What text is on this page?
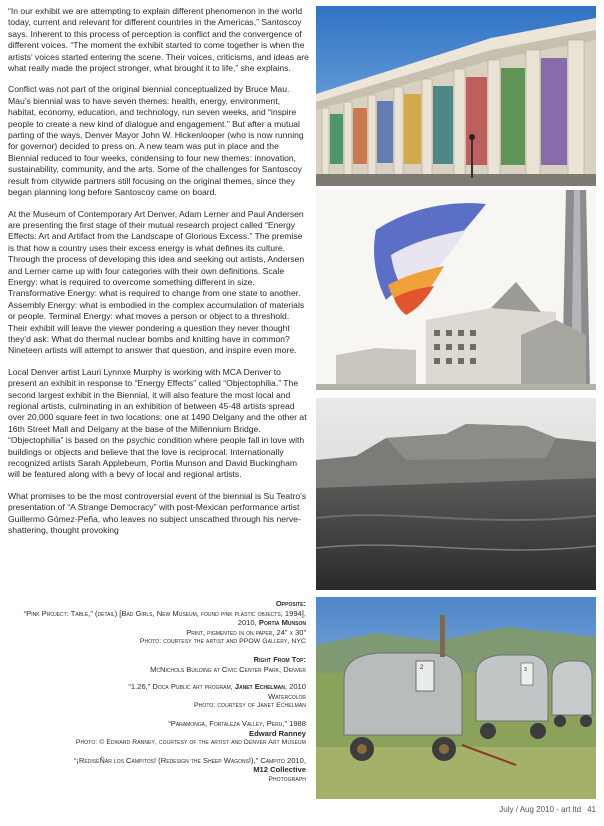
“In our exhibit we are attempting to explain different phenomenon in the world today, current and relevant for different countries in the Americas,” Santoscoy says. Inherent to this process of perception is conflict and the convergence of different voices. “The moment the exhibit started to come together is when the artists’ voices started entering the scene. Their voices, criticisms, and ideas are what really made the project stronger, what brought it to life,” she explains.

Conflict was not part of the original biennial conceptualized by Bruce Mau. Mau’s biennial was to have seven themes: health, energy, environment, habitat, economy, education, and technology, run seven weeks, and “inspire people to create a new kind of dialogue and engagement.” But after a mutual parting of the ways, Denver Mayor John W. Hickenlooper (who is now running for governor) decided to press on. A new team was put in place and the Biennial reduced to four weeks, condensing to four new themes: innovation, sustainability, community, and the arts. Some of the challenges for Santoscoy result from citywide partners still focusing on the original themes, since they began planning long before Santoscoy came on board.

At the Museum of Contemporary Art Denver, Adam Lerner and Paul Andersen are presenting the first stage of their mutual research project called “Energy Effects: Art and Artifact from the Landscape of Glorious Excess.” The premise is that how a country uses their excess energy is what defines its culture. Through the process of developing this idea and seeking out artists, Andersen and Lerner came up with four categories with their own definitions. Scale Energy: what is required to overcome something different in size. Transformative Energy: what is required to change from one state to another. Assembly Energy: what is embodied in the complex accumulation of materials or people. Terminal Energy: what moves a person or object to a threshold. Their exhibit will leave the viewer pondering a question they never thought they’d ask: What do thermal nuclear bombs and knitting have in common? Nineteen artists will attempt to answer that question, and inspire even more.

Local Denver artist Lauri Lynnxe Murphy is working with MCA Denver to present an exhibit in response to “Energy Effects” called “Objectophilia.” The second largest exhibit in the Biennial, it will also feature the most local and regional artists, culminating in an exhibition of between 45-48 artists spread over 20,000 square feet in two locations: one at 1490 Delgany and the other at 16th Street Mall and Delgany at the base of the Millennium Bridge. “Objectophilia” is based on the psychic condition where people fall in love with buildings or objects and believe that the love is reciprocal. Internationally recognized artists Sarah Applebeum, Portia Munson and David Buckingham will be featured along with a bevy of local and regional artists.

What promises to be the most controversial event of the biennial is Su Teatro’s presentation of “A Strange Democracy” with post-Mexican performance artist Guillermo Gómez-Peña, who leaves no subject unscathed through his nerve-shattering, thought provoking

Opposite:
“Pink Project: Table,” (detail) [Bad Girls, New Museum, found pink plastic objects, 1994], 2010, Portia Munson
Print, pigmented in on paper, 24” x 30”
Photo: courtesy the artist and PPOW Gallery, NYC
Right From Top:
McNichols Building at Civic Center Park, Denver
“1.26,” Doca Public art program, Janet Echelman, 2010
Watercolor
Photo: courtesy of Janet Echelman
“Paramonga, Fortaleza Valley, Peru,” 1988
Edward Ranney
Photo: © Edward Ranney, courtesy of the artist and Denver Art Museum
“¡RediseÑar los Campitos! (Redesign the Sheep Wagons!),” Campito 2010,
M12 Collective
Photograph
2	3
July / Aug 2010 - art ltd 41
